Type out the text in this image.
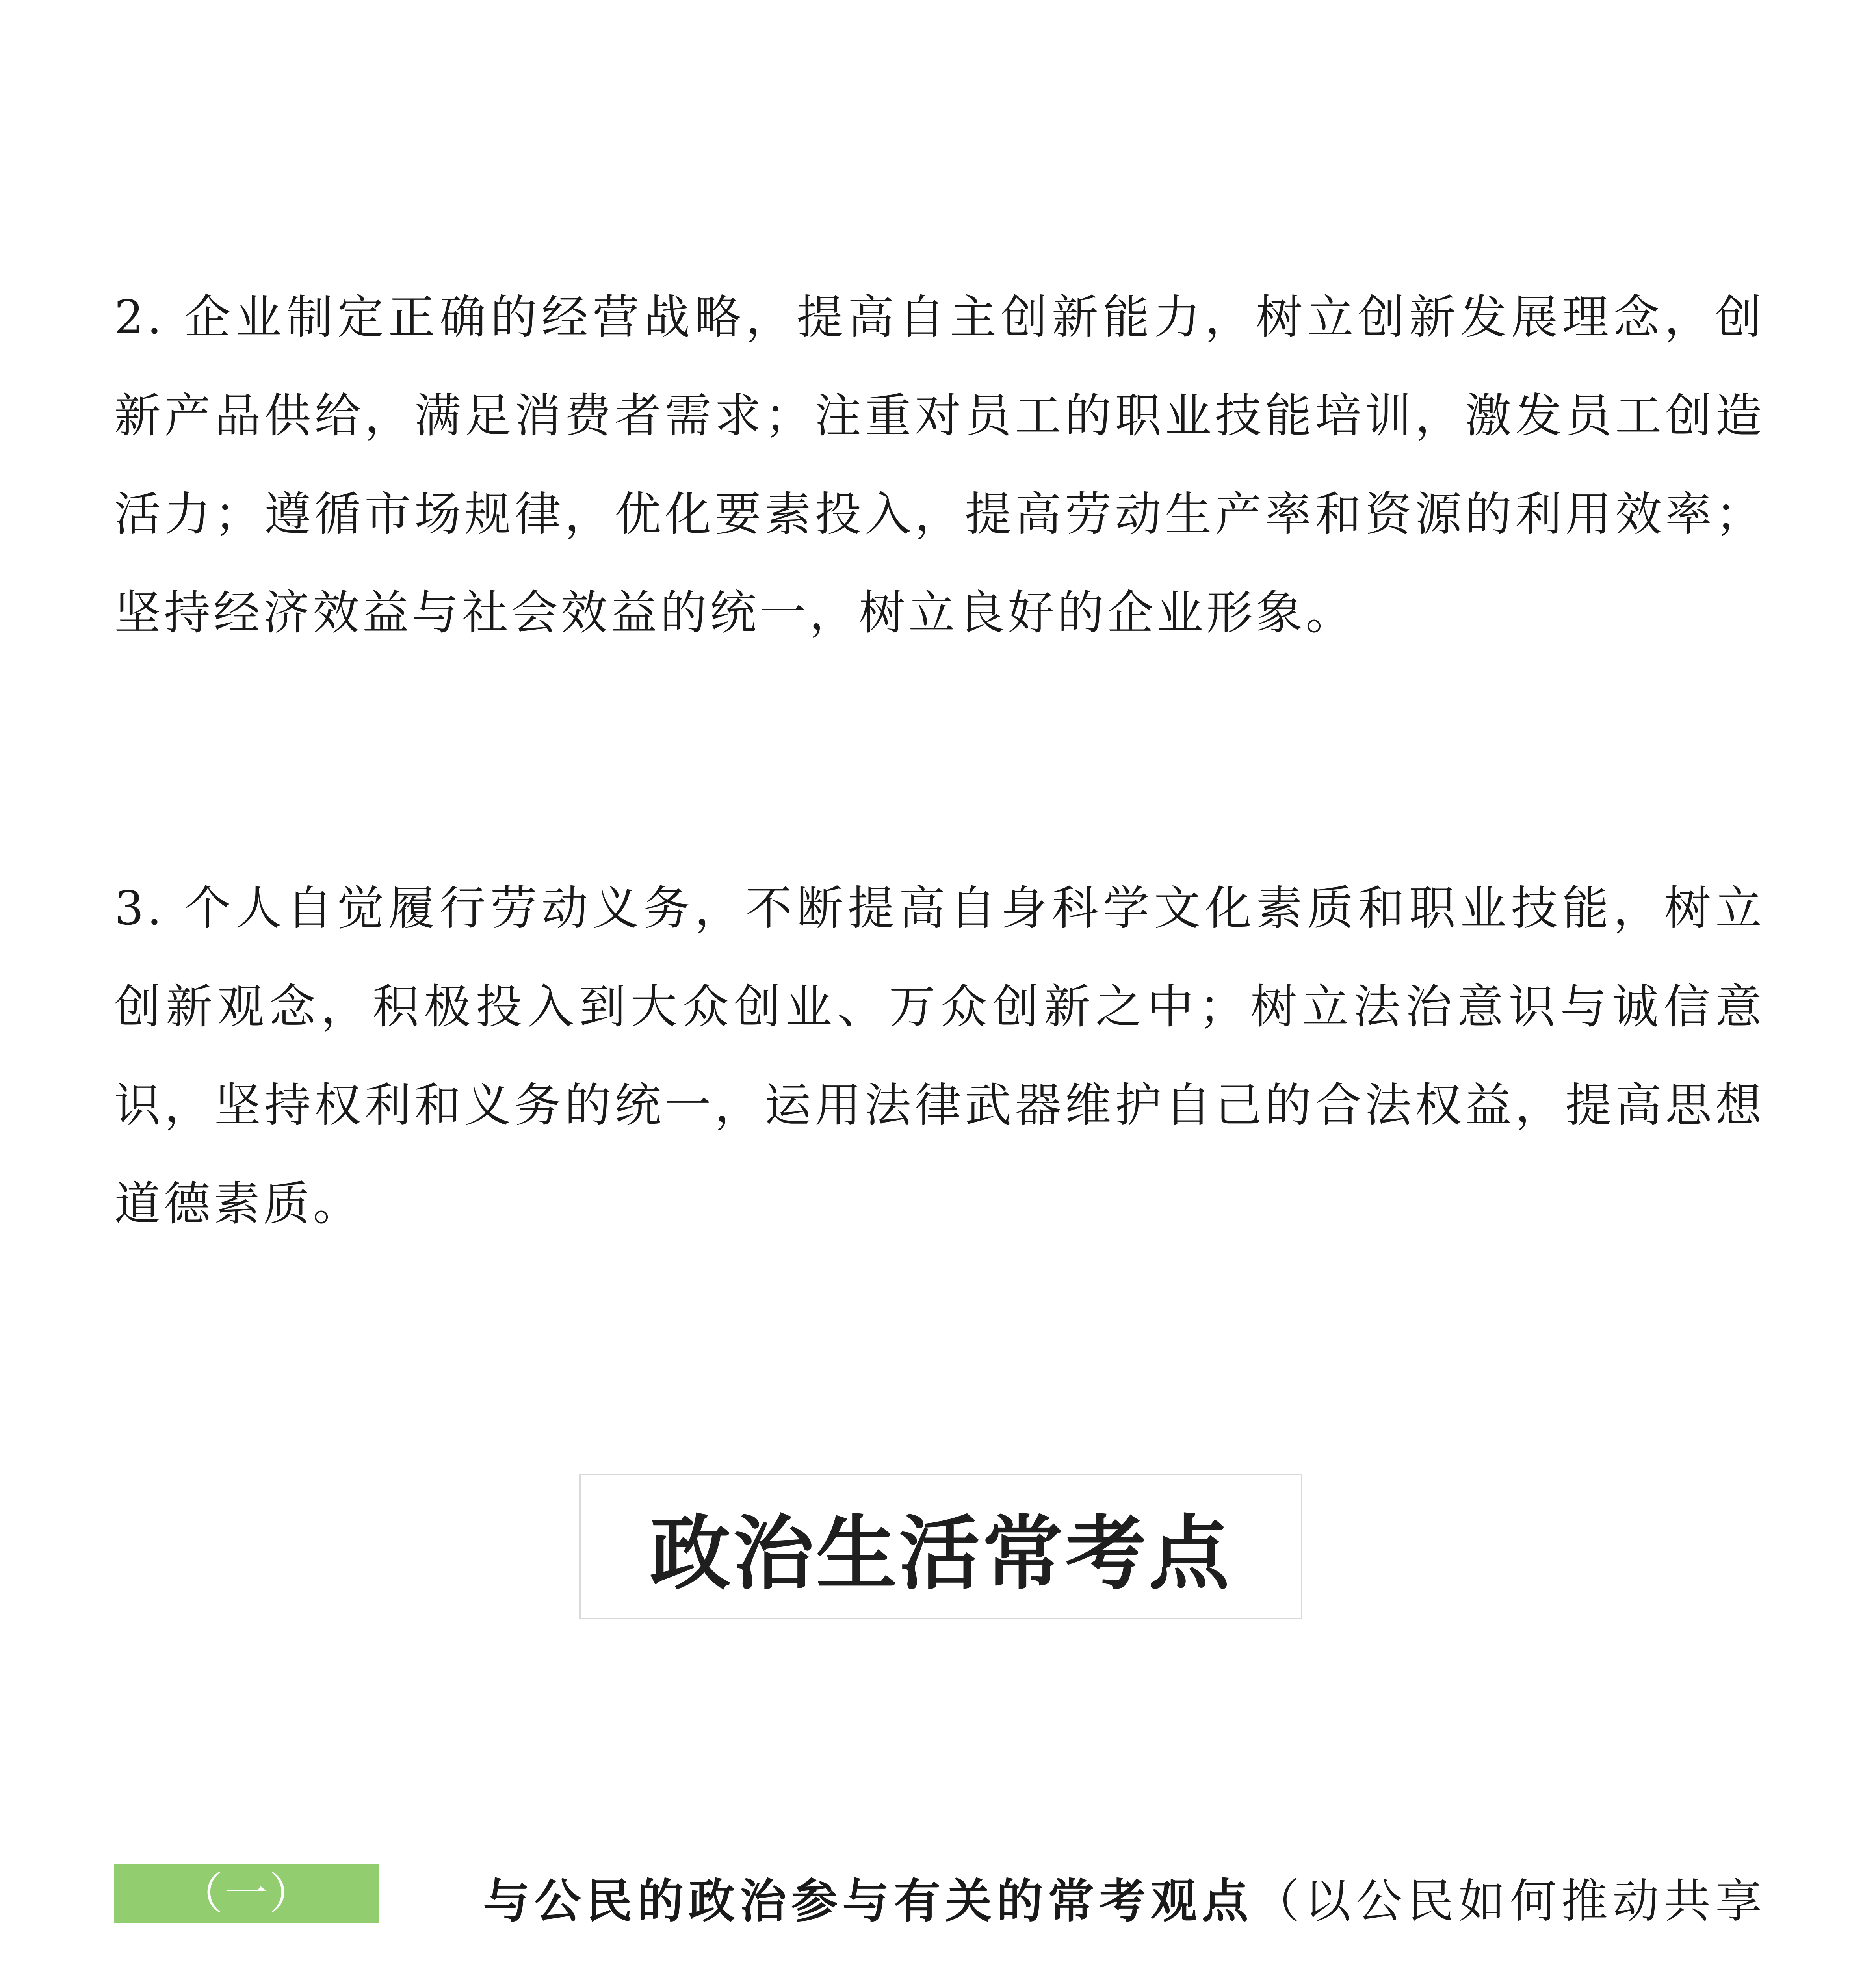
2. 企业制定正确的经营战略，提高自主创新能力，树立创新发展理念，创新产品供给，满足消费者需求；注重对员工的职业技能培训，激发员工创造活力；遵循市场规律，优化要素投入，提高劳动生产率和资源的利用效率；坚持经济效益与社会效益的统一，树立良好的企业形象。

3. 个人自觉履行劳动义务，不断提高自身科学文化素质和职业技能，树立创新观念，积极投入到大众创业、万众创新之中；树立法治意识与诚信意识，坚持权利和义务的统一，运用法律武器维护自己的合法权益，提高思想道德素质。

政治生活常考点

（一）	与公民的政治参与有关的常考观点（以公民如何推动共享
